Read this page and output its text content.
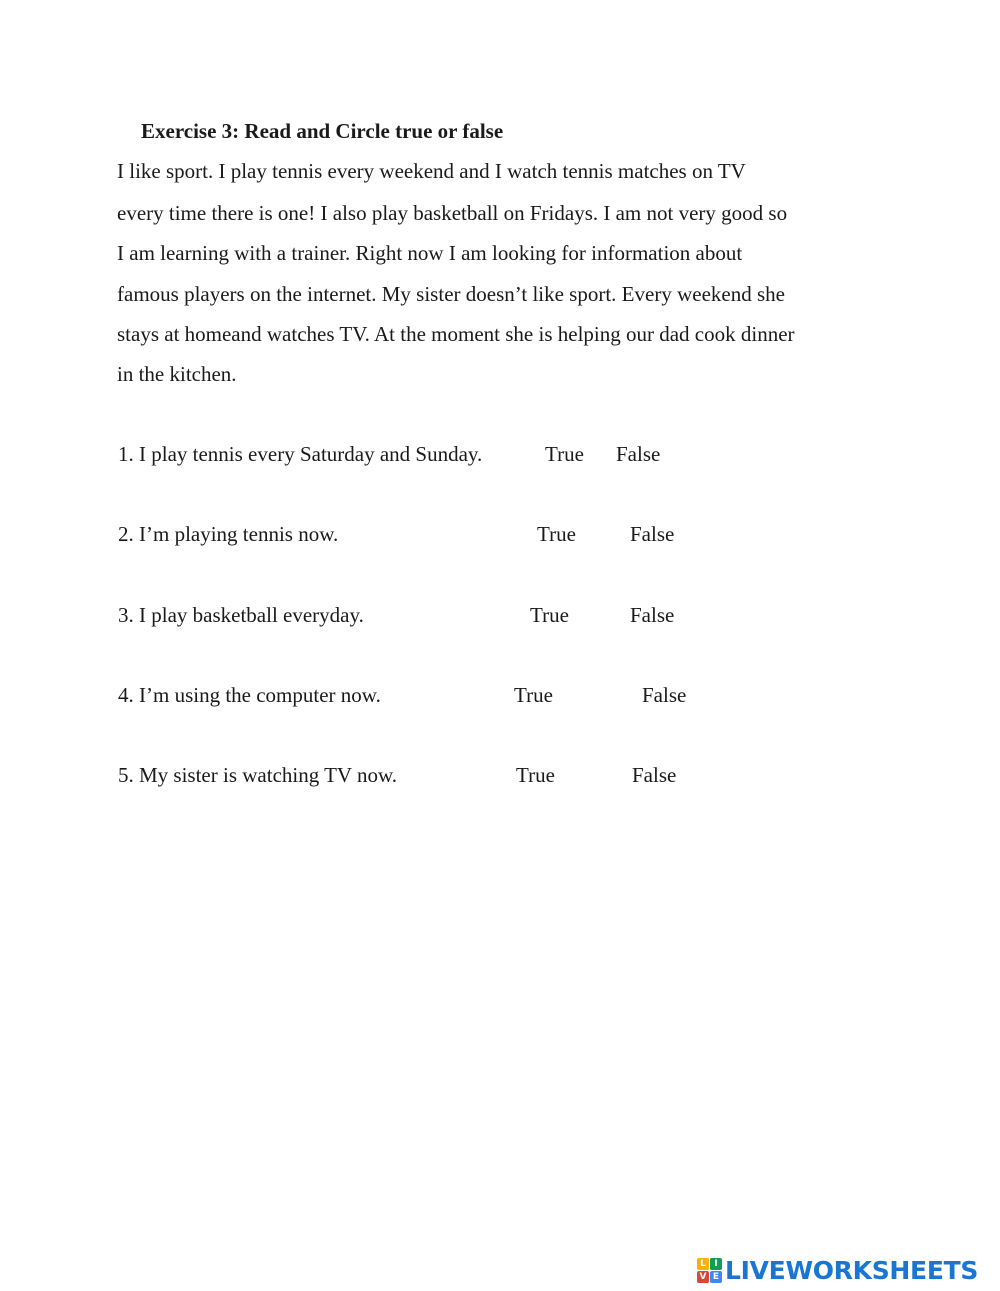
Exercise 3: Read and Circle true or false
I like sport. I play tennis every weekend and I watch tennis matches on TV
every time there is one! I also play basketball on Fridays. I am not very good so
I am learning with a trainer. Right now I am looking for information about
famous players on the internet. My sister doesn’t like sport. Every weekend she
stays at homeand watches TV. At the moment she is helping our dad cook dinner
in the kitchen.
1. I play tennis every Saturday and Sunday.	True False
2. I’m playing tennis now.	True	False
3. I play basketball everyday.	True	False
4. I’m using the computer now.	True	False
5. My sister is watching TV now.	True	False
L I
V E LIVEWORKSHEETS
